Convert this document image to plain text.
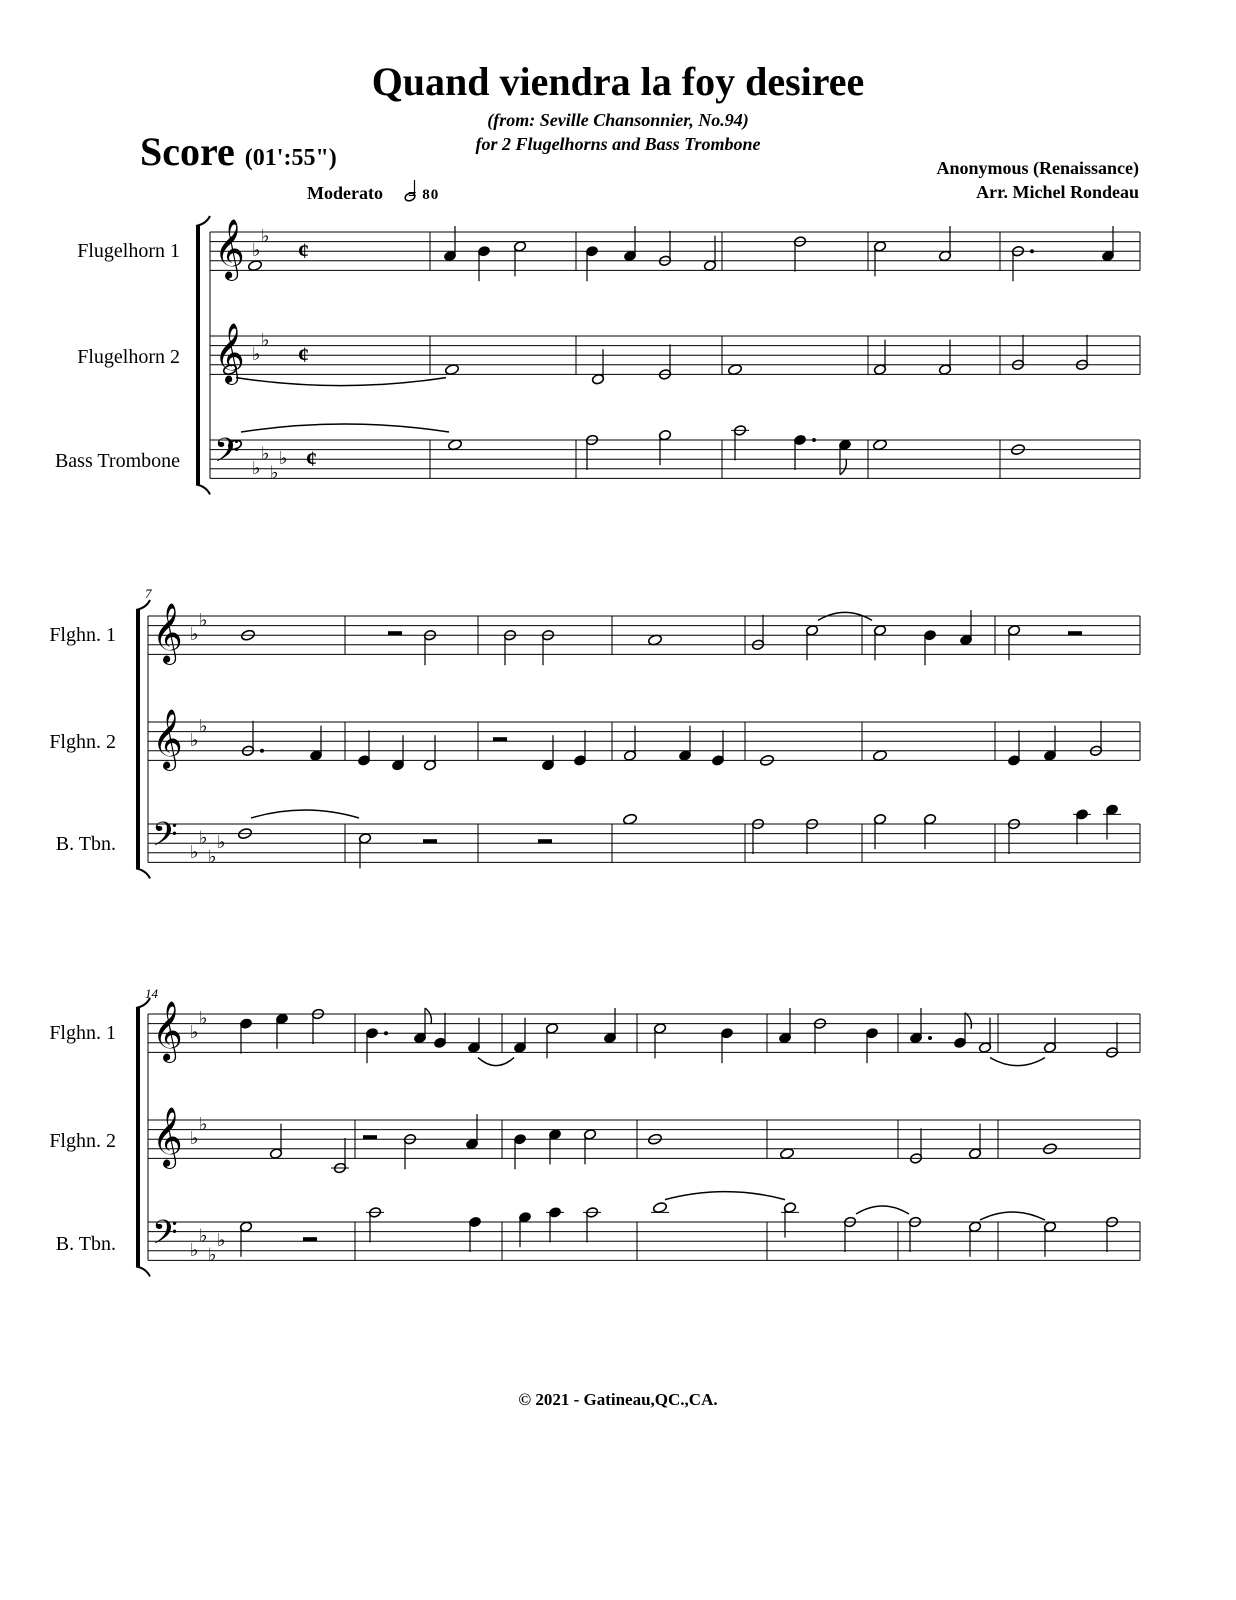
Quand viendra la foy desiree
(from: Seville Chansonnier, No.94)
for 2 Flugelhorns and Bass Trombone
Score (01':55")	Anonymous (Renaissance)
Arr. Michel Rondeau
Moderato = 80
Flugelhorn 1
Flugelhorn 2
Bass Trombone
Flghn. 1
Flghn. 2
B. Tbn.
Flghn. 1
Flghn. 2
B. Tbn.
7
14
© 2021 - Gatineau,QC.,CA.
𝄞 ♭
♭
¢
𝄞 ♭
♭
¢
𝄢 ♭
♭
♭
♭ ¢
𝄞 ♭
♭
𝄞 ♭
♭
𝄢 ♭
♭
♭
♭
𝄞 ♭
♭
𝄞 ♭
♭
𝄢 ♭
♭
♭
♭
